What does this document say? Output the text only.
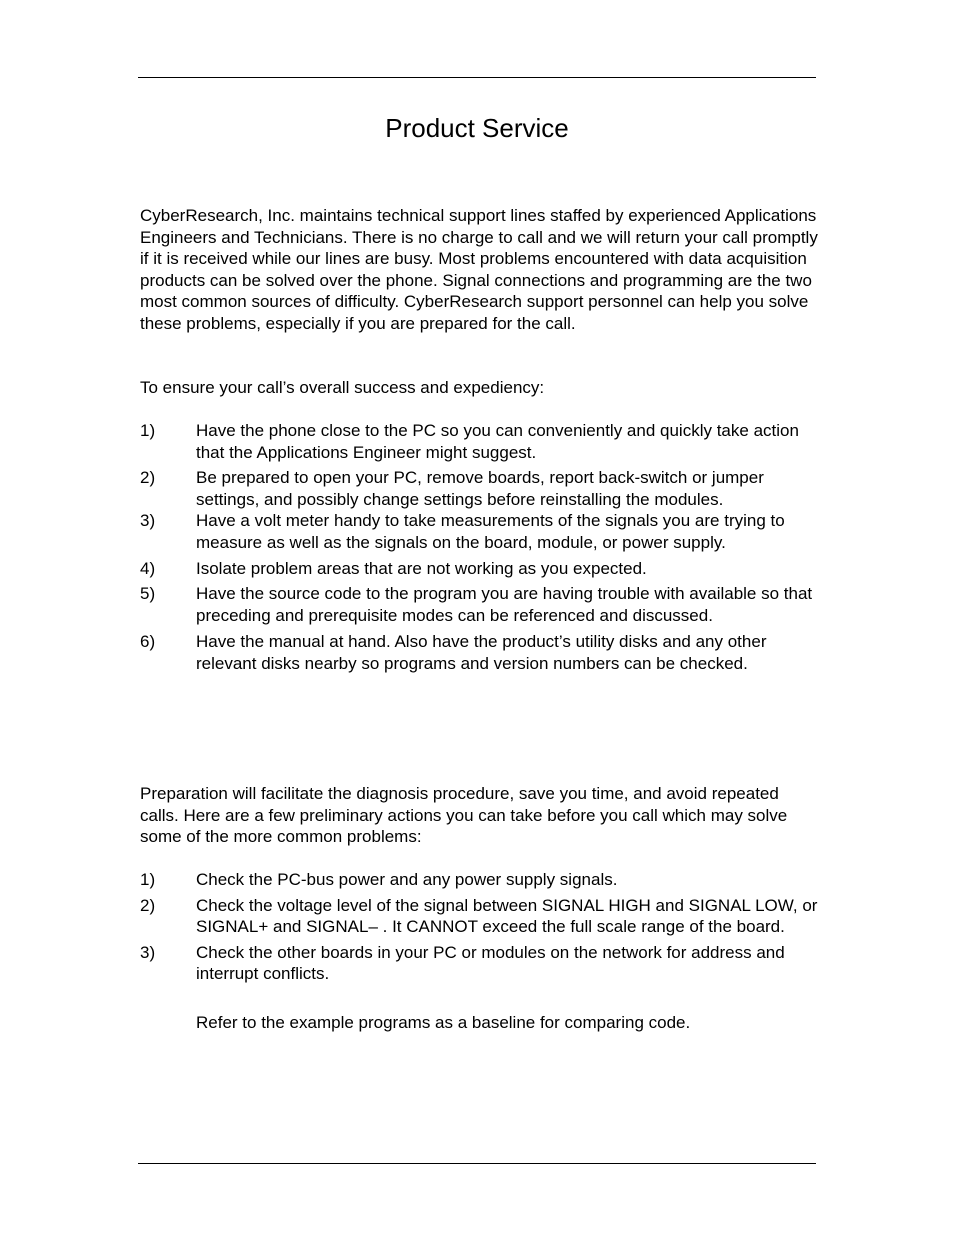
Product Service

CyberResearch, Inc. maintains technical support lines staffed by experienced Applications Engineers and Technicians. There is no charge to call and we will return your call promptly if it is received while our lines are busy. Most problems encountered with data acquisition products can be solved over the phone. Signal connections and programming are the two most common sources of difficulty. CyberResearch support personnel can help you solve these problems, especially if you are prepared for the call.

To ensure your call’s overall success and expediency:

1)	Have the phone close to the PC so you can conveniently and quickly take action that the Applications Engineer might suggest.
2)	Be prepared to open your PC, remove boards, report back-switch or jumper settings, and possibly change settings before reinstalling the modules.
3)	Have a volt meter handy to take measurements of the signals you are trying to measure as well as the signals on the board, module, or power supply.
4)	Isolate problem areas that are not working as you expected.
5)	Have the source code to the program you are having trouble with available so that preceding and prerequisite modes can be referenced and discussed.
6)	Have the manual at hand. Also have the product’s utility disks and any other relevant disks nearby so programs and version numbers can be checked.

Preparation will facilitate the diagnosis procedure, save you time, and avoid repeated calls. Here are a few preliminary actions you can take before you call which may solve some of the more common problems:

1)	Check the PC-bus power and any power supply signals.
2)	Check the voltage level of the signal between SIGNAL HIGH and SIGNAL LOW, or SIGNAL+ and SIGNAL– . It CANNOT exceed the full scale range of the board.
3)	Check the other boards in your PC or modules on the network for address and interrupt conflicts.
Refer to the example programs as a baseline for comparing code.
